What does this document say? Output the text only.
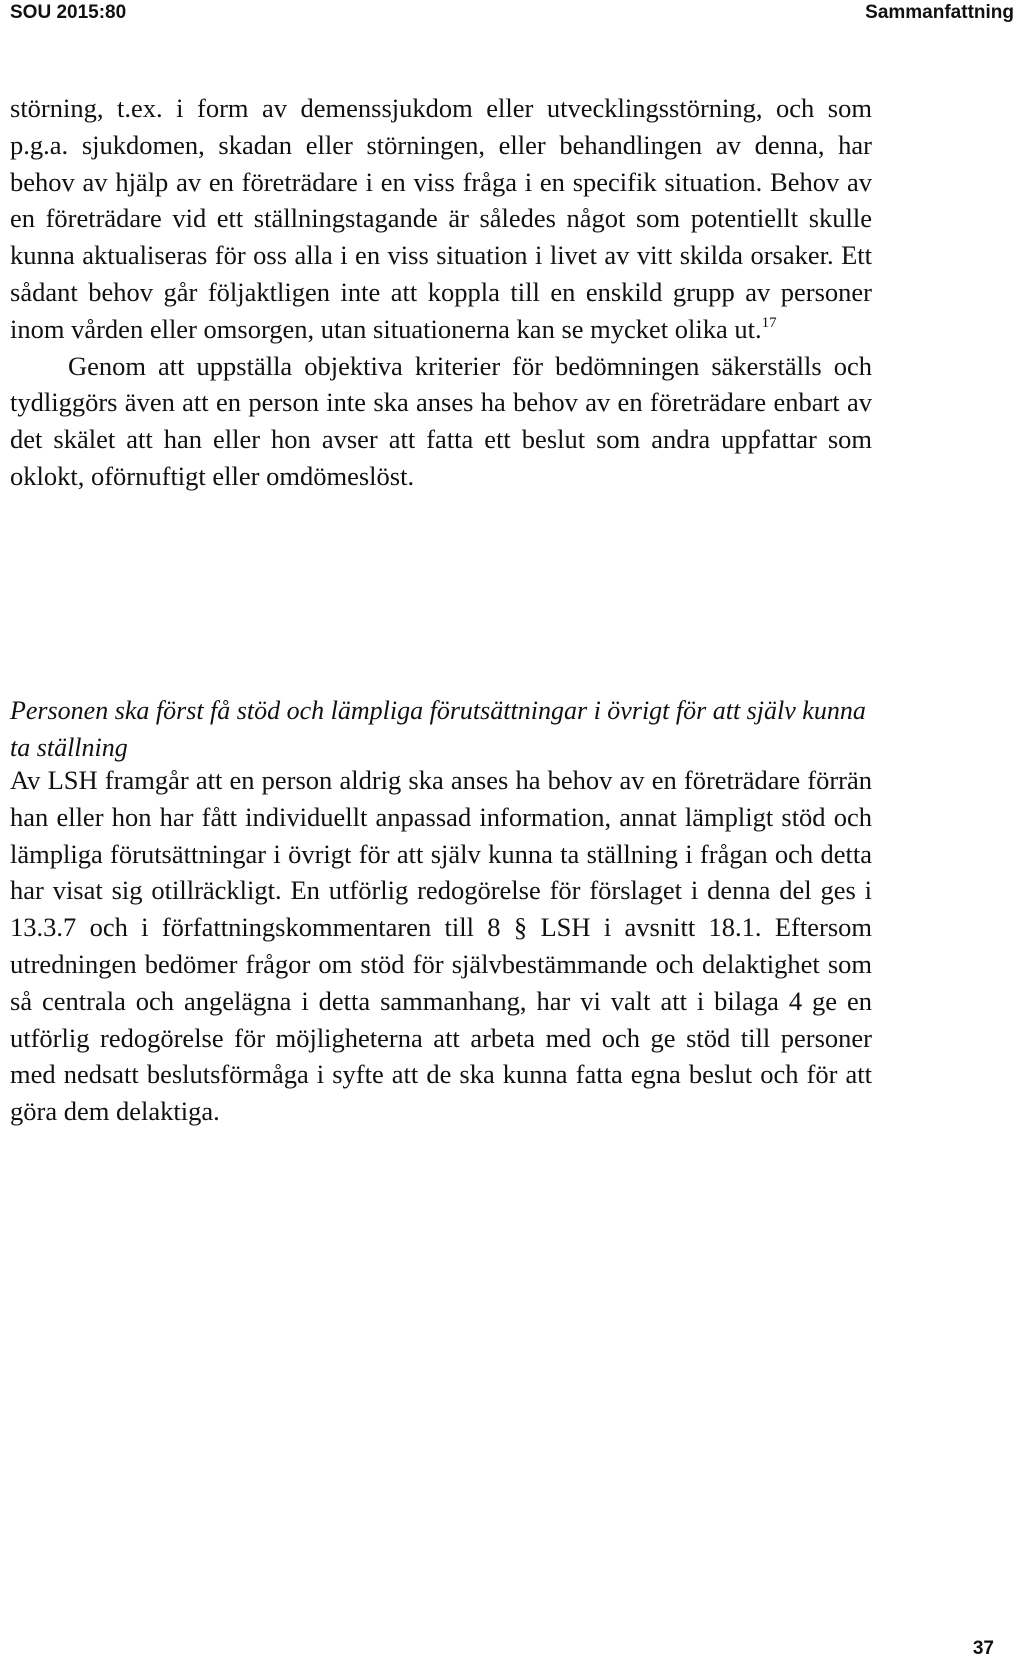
SOU 2015:80	Sammanfattning

störning, t.ex. i form av demenssjukdom eller utvecklingsstörning, och som p.g.a. sjukdomen, skadan eller störningen, eller behandlingen av denna, har behov av hjälp av en företrädare i en viss fråga i en specifik situation. Behov av en företrädare vid ett ställningstagande är således något som potentiellt skulle kunna aktualiseras för oss alla i en viss situation i livet av vitt skilda orsaker. Ett sådant behov går följaktligen inte att koppla till en enskild grupp av personer inom vården eller omsorgen, utan situationerna kan se mycket olika ut.$^{17}$

Genom att uppställa objektiva kriterier för bedömningen säkerställs och tydliggörs även att en person inte ska anses ha behov av en företrädare enbart av det skälet att han eller hon avser att fatta ett beslut som andra uppfattar som oklokt, oförnuftigt eller omdömeslöst.

Personen ska först få stöd och lämpliga förutsättningar i övrigt för att själv kunna ta ställning

Av LSH framgår att en person aldrig ska anses ha behov av en företrädare förrän han eller hon har fått individuellt anpassad information, annat lämpligt stöd och lämpliga förutsättningar i övrigt för att själv kunna ta ställning i frågan och detta har visat sig otillräckligt. En utförlig redogörelse för förslaget i denna del ges i 13.3.7 och i författningskommentaren till 8 § LSH i avsnitt 18.1. Eftersom utredningen bedömer frågor om stöd för självbestämmande och delaktighet som så centrala och angelägna i detta sammanhang, har vi valt att i bilaga 4 ge en utförlig redogörelse för möjligheterna att arbeta med och ge stöd till personer med nedsatt beslutsförmåga i syfte att de ska kunna fatta egna beslut och för att göra dem delaktiga.

37
